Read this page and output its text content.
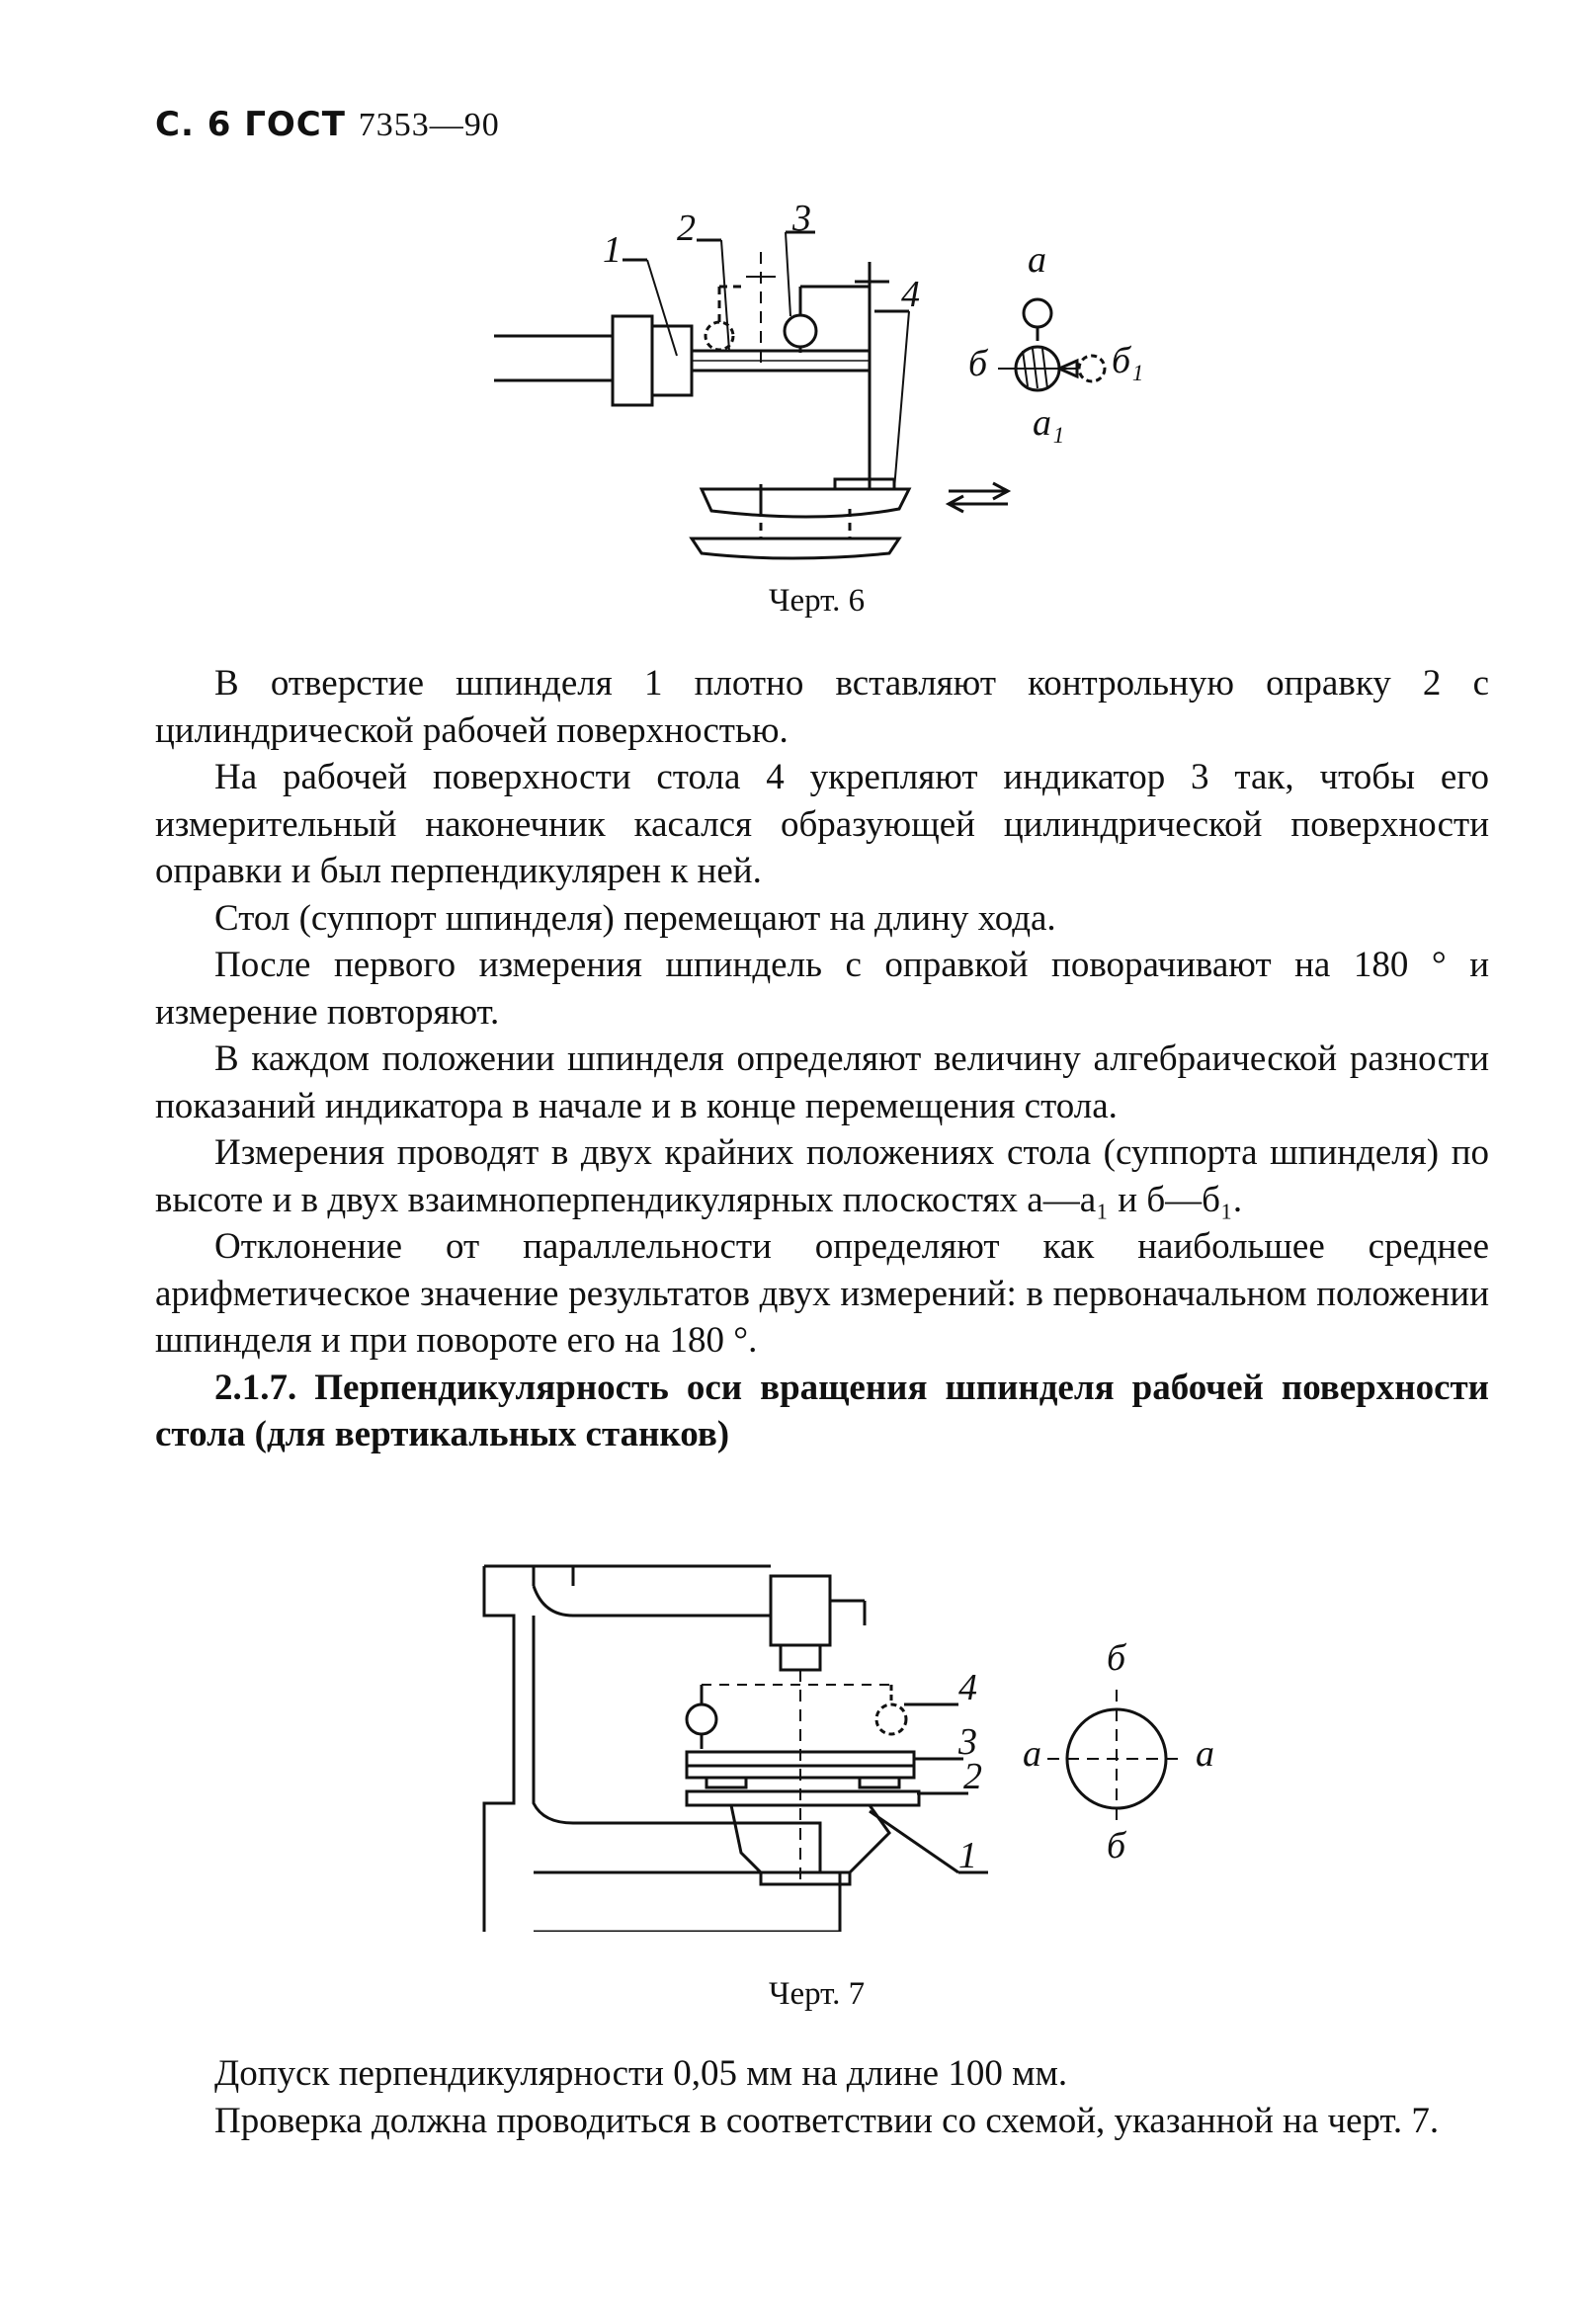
С. 6 ГОСТ 7353—90
1
2	3
4
a
б	б₁
a₁
Черт. 6

В отверстие шпинделя 1 плотно вставляют контрольную оправку 2 с цилиндрической рабочей поверхностью.

На рабочей поверхности стола 4 укрепляют индикатор 3 так, чтобы его измерительный наконечник касался образующей цилиндрической поверхности оправки и был перпендикулярен к ней.

Стол (суппорт шпинделя) перемещают на длину хода.

После первого измерения шпиндель с оправкой поворачивают на 180 ° и измерение повторяют.

В каждом положении шпинделя определяют величину алгебраической разности показаний индикатора в начале и в конце перемещения стола.

Измерения проводят в двух крайних положениях стола (суппорта шпинделя) по высоте и в двух взаимноперпендикулярных плоскостях a—a₁ и б—б₁.

Отклонение от параллельности определяют как наибольшее среднее арифметическое значение результатов двух измерений: в первоначальном положении шпинделя и при повороте его на 180 °.

2.1.7. Перпендикулярность оси вращения шпинделя рабочей поверхности стола (для вертикальных станков)

4
3
2
1
б
б
a	a
Черт. 7

Допуск перпендикулярности 0,05 мм на длине 100 мм.

Проверка должна проводиться в соответствии со схемой, указанной на черт. 7.
